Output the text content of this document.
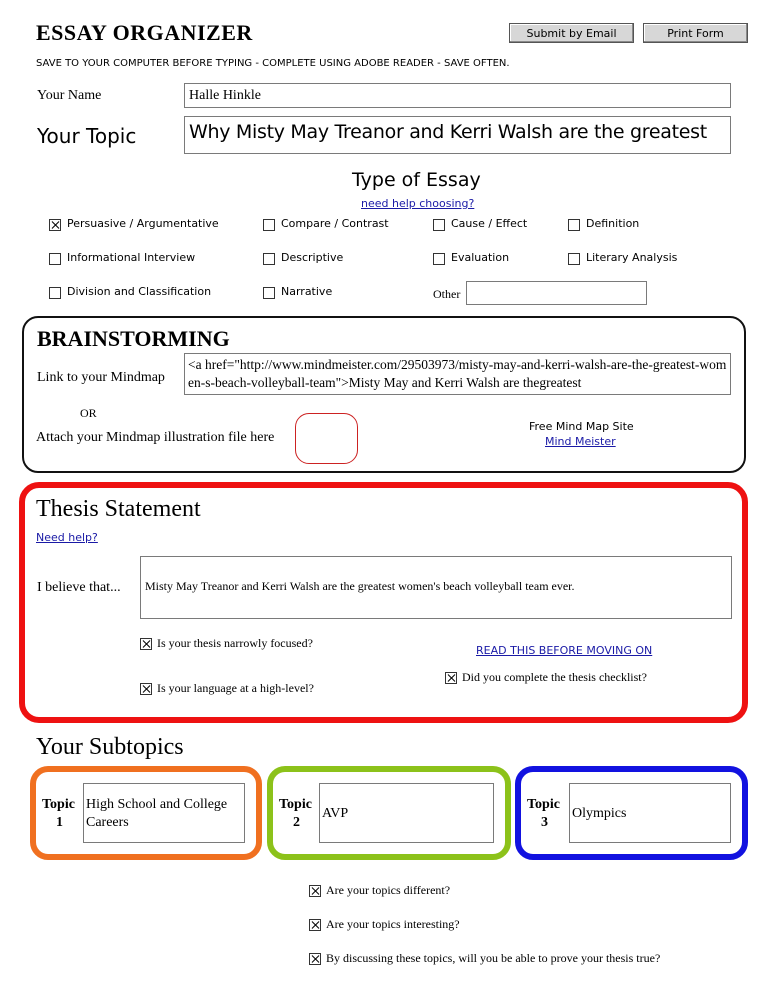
ESSAY ORGANIZER	Submit by Email	Print Form
SAVE TO YOUR COMPUTER BEFORE TYPING - COMPLETE USING ADOBE READER - SAVE OFTEN.
Your Name	Halle Hinkle
Your Topic	Why Misty May Treanor and Kerri Walsh are the greatest
Type of Essay
need help choosing?
Persuasive / Argumentative	Compare / Contrast	Cause / Effect	Definition
Informational Interview	Descriptive	Evaluation	Literary Analysis
Division and Classification	Narrative	Other
BRAINSTORMING
Link to your Mindmap
<a href="http://www.mindmeister.com/29503973/misty-may-and-kerri-walsh-are-the-greatest-women-s-beach-volleyball-team">Misty May and Kerri Walsh are thegreatest
OR
Attach your Mindmap illustration file here
Free Mind Map Site
Mind Meister
Thesis Statement
Need help?
I believe that...	Misty May Treanor and Kerri Walsh are the greatest women's beach volleyball team ever.
Is your thesis narrowly focused?
Is your language at a high-level?
READ THIS BEFORE MOVING ON
Did you complete the thesis checklist?
Your Subtopics
Topic
1
High School and College Careers
Topic
2
AVP
Topic
3
Olympics
Are your topics different?
Are your topics interesting?
By discussing these topics, will you be able to prove your thesis true?
